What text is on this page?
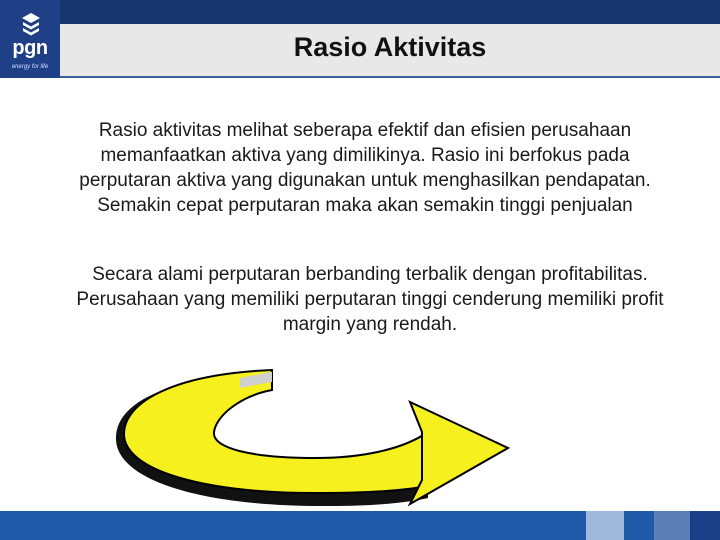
pgn
energy for life
Rasio Aktivitas
Rasio aktivitas melihat seberapa efektif dan efisien perusahaan memanfaatkan aktiva yang dimilikinya. Rasio ini berfokus pada perputaran aktiva yang digunakan untuk menghasilkan pendapatan. Semakin cepat perputaran maka akan semakin tinggi penjualan
Secara alami perputaran berbanding terbalik dengan profitabilitas. Perusahaan yang memiliki perputaran tinggi cenderung memiliki profit margin yang rendah.
